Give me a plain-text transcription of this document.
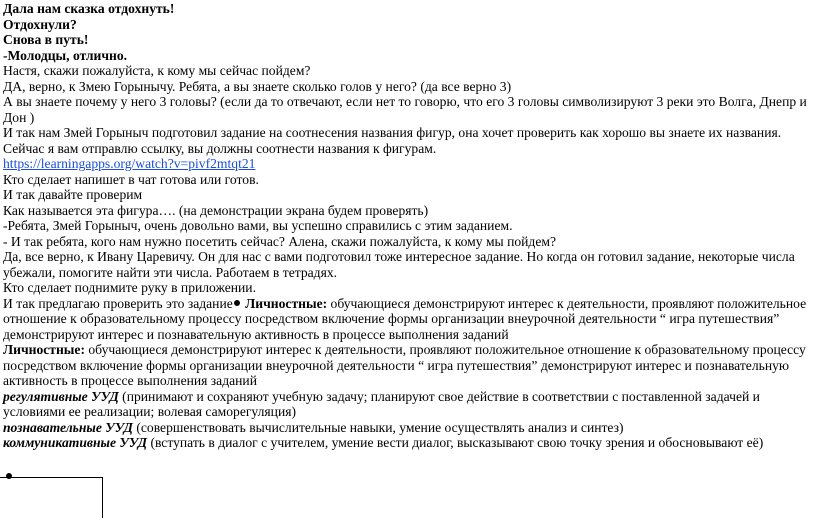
Дала нам сказка отдохнуть!

Отдохнули?

Снова в путь!

-Молодцы, отлично.

Настя, скажи пожалуйста, к кому мы сейчас пойдем?

ДА, верно, к Змею Горынычу. Ребята, а вы знаете сколько голов у него? (да все верно 3)

А вы знаете почему у него 3 головы? (если да то отвечают, если нет то говорю, что его 3 головы символизируют 3 реки это Волга, Днепр и Дон )

И так нам Змей Горыныч подготовил задание на соотнесения названия фигур, она хочет проверить как хорошо вы знаете их названия.

Сейчас я вам отправлю ссылку, вы должны соотнести названия к фигурам.

https://learningapps.org/watch?v=pivf2mtqt21

Кто сделает напишет в чат готова или готов.

И так давайте проверим

Как называется эта фигура…. (на демонстрации экрана будем проверять)

-Ребята, Змей Горыныч, очень довольно вами, вы успешно справились с этим заданием.

- И так ребята, кого нам нужно посетить сейчас? Алена, скажи пожалуйста, к кому мы пойдем?

Да, все верно, к Ивану Царевичу. Он для нас с вами подготовил тоже интересное задание. Но когда он готовил задание, некоторые числа убежали, помогите найти эти числа. Работаем в тетрадях.

Кто сделает поднимите руку в приложении.

И так предлагаю проверить это задание Личностные: обучающиеся демонстрируют интерес к деятельности, проявляют положительное отношение к образовательному процессу посредством включение формы организации внеурочной деятельности “ игра путешествия” демонстрируют интерес и познавательную активность в процессе выполнения заданий

Личностные: обучающиеся демонстрируют интерес к деятельности, проявляют положительное отношение к образовательному процессу посредством включение формы организации внеурочной деятельности “ игра путешествия” демонстрируют интерес и познавательную активность в процессе выполнения заданий

регулятивные УУД (принимают и сохраняют учебную задачу; планируют свое действие в соответствии с поставленной задачей и условиями ее реализации; волевая саморегуляция)

познавательные УУД (совершенствовать вычислительные навыки, умение осуществлять анализ и синтез)

коммуникативные УУД (вступать в диалог с учителем, умение вести диалог, высказывают свою точку зрения и обосновывают её)
